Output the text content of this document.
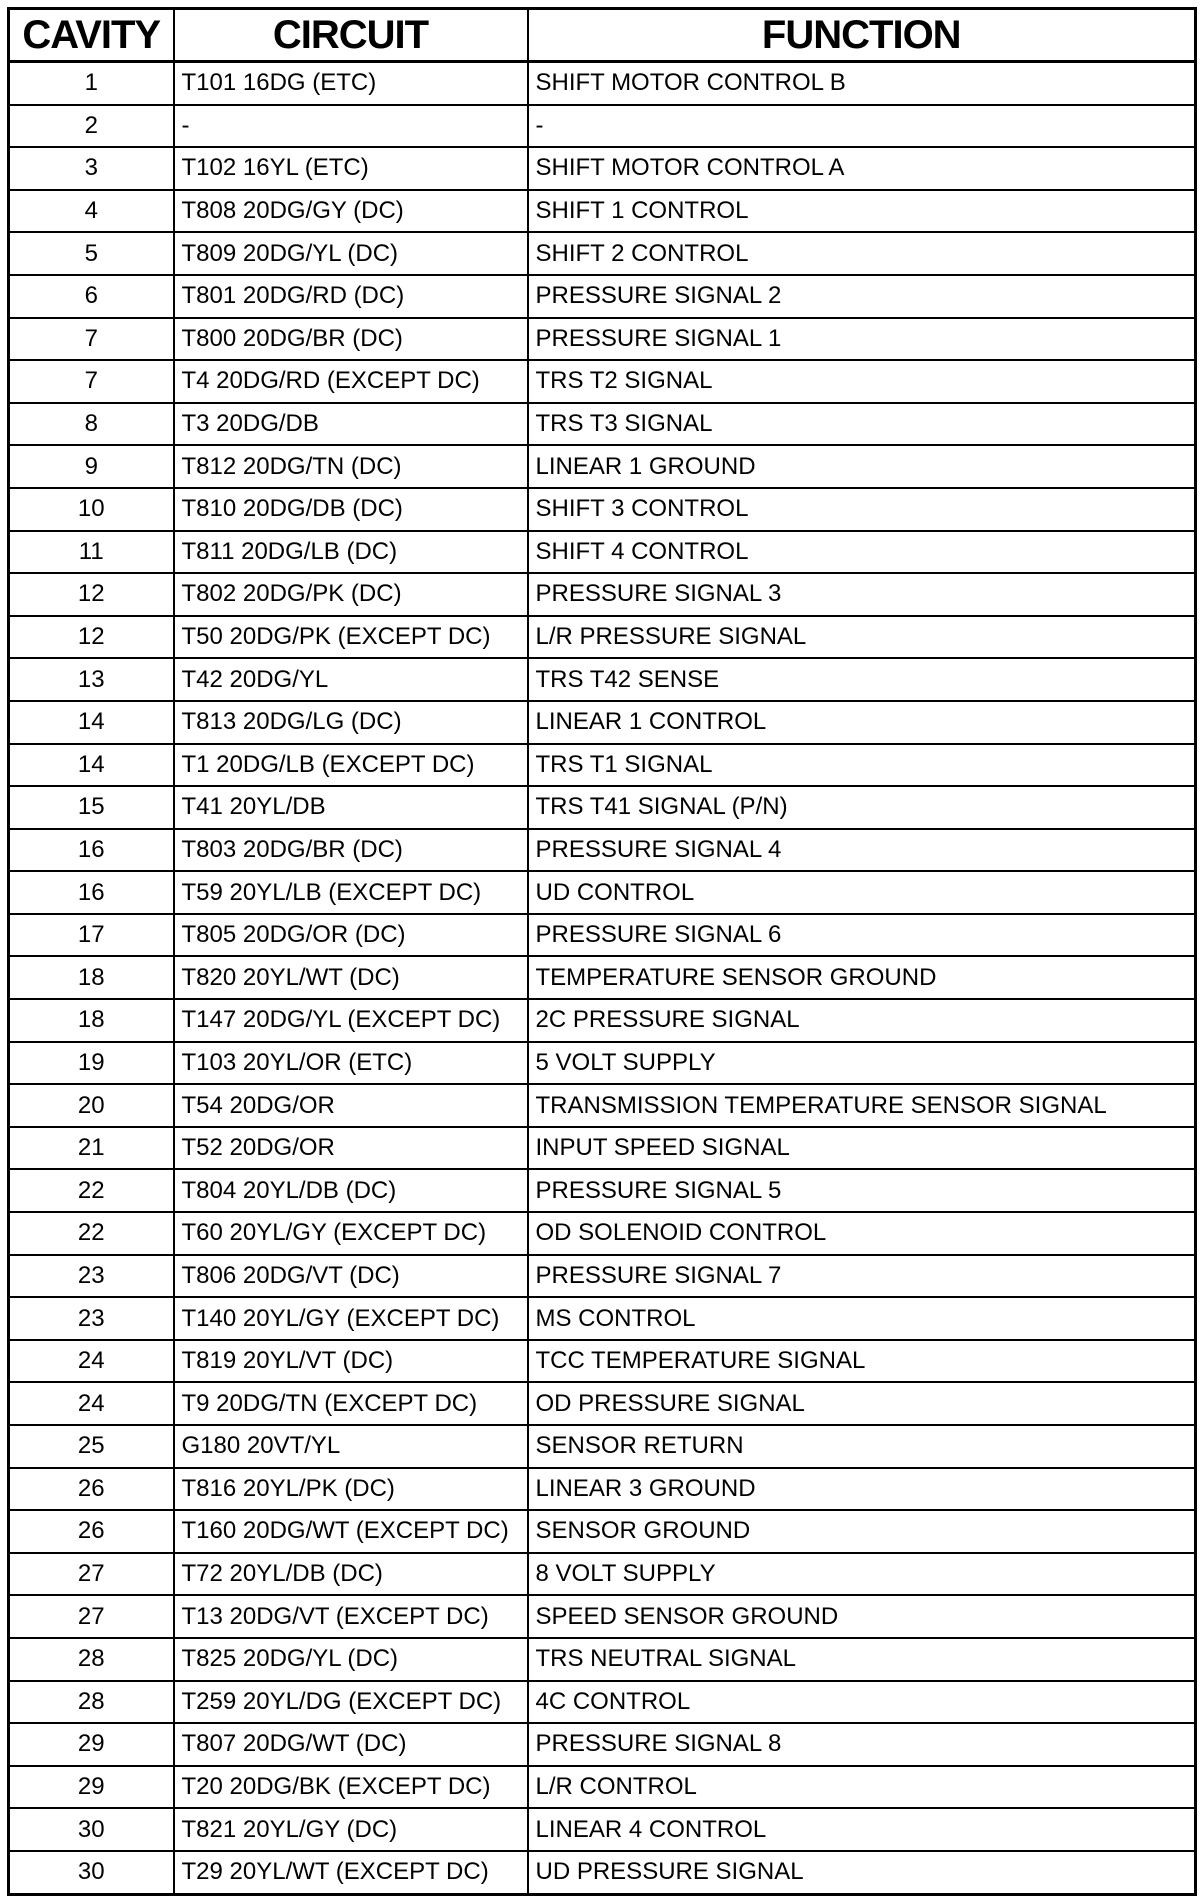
CAVITY	CIRCUIT	FUNCTION
1	T101 16DG (ETC)	SHIFT MOTOR CONTROL B
2	-	-
3	T102 16YL (ETC)	SHIFT MOTOR CONTROL A
4	T808 20DG/GY (DC)	SHIFT 1 CONTROL
5	T809 20DG/YL (DC)	SHIFT 2 CONTROL
6	T801 20DG/RD (DC)	PRESSURE SIGNAL 2
7	T800 20DG/BR (DC)	PRESSURE SIGNAL 1
7	T4 20DG/RD (EXCEPT DC)	TRS T2 SIGNAL
8	T3 20DG/DB	TRS T3 SIGNAL
9	T812 20DG/TN (DC)	LINEAR 1 GROUND
10	T810 20DG/DB (DC)	SHIFT 3 CONTROL
11	T811 20DG/LB (DC)	SHIFT 4 CONTROL
12	T802 20DG/PK (DC)	PRESSURE SIGNAL 3
12	T50 20DG/PK (EXCEPT DC)	L/R PRESSURE SIGNAL
13	T42 20DG/YL	TRS T42 SENSE
14	T813 20DG/LG (DC)	LINEAR 1 CONTROL
14	T1 20DG/LB (EXCEPT DC)	TRS T1 SIGNAL
15	T41 20YL/DB	TRS T41 SIGNAL (P/N)
16	T803 20DG/BR (DC)	PRESSURE SIGNAL 4
16	T59 20YL/LB (EXCEPT DC)	UD CONTROL
17	T805 20DG/OR (DC)	PRESSURE SIGNAL 6
18	T820 20YL/WT (DC)	TEMPERATURE SENSOR GROUND
18	T147 20DG/YL (EXCEPT DC)	2C PRESSURE SIGNAL
19	T103 20YL/OR (ETC)	5 VOLT SUPPLY
20	T54 20DG/OR	TRANSMISSION TEMPERATURE SENSOR SIGNAL
21	T52 20DG/OR	INPUT SPEED SIGNAL
22	T804 20YL/DB (DC)	PRESSURE SIGNAL 5
22	T60 20YL/GY (EXCEPT DC)	OD SOLENOID CONTROL
23	T806 20DG/VT (DC)	PRESSURE SIGNAL 7
23	T140 20YL/GY (EXCEPT DC)	MS CONTROL
24	T819 20YL/VT (DC)	TCC TEMPERATURE SIGNAL
24	T9 20DG/TN (EXCEPT DC)	OD PRESSURE SIGNAL
25	G180 20VT/YL	SENSOR RETURN
26	T816 20YL/PK (DC)	LINEAR 3 GROUND
26	T160 20DG/WT (EXCEPT DC)	SENSOR GROUND
27	T72 20YL/DB (DC)	8 VOLT SUPPLY
27	T13 20DG/VT (EXCEPT DC)	SPEED SENSOR GROUND
28	T825 20DG/YL (DC)	TRS NEUTRAL SIGNAL
28	T259 20YL/DG (EXCEPT DC)	4C CONTROL
29	T807 20DG/WT (DC)	PRESSURE SIGNAL 8
29	T20 20DG/BK (EXCEPT DC)	L/R CONTROL
30	T821 20YL/GY (DC)	LINEAR 4 CONTROL
30	T29 20YL/WT (EXCEPT DC)	UD PRESSURE SIGNAL
